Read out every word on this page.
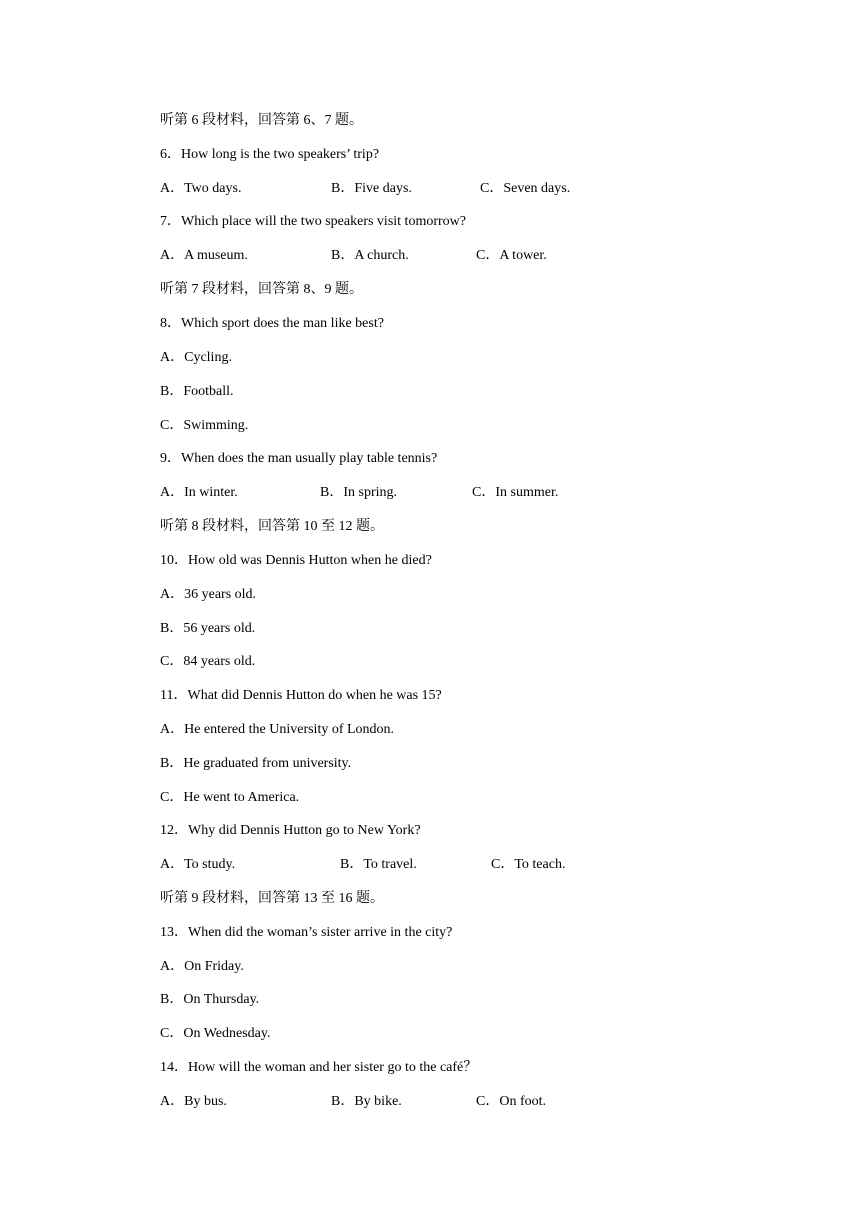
听第 6 段材料，回答第 6、7 题。
6．How long is the two speakers’ trip?
A．Two days.	B．Five days.	C．Seven days.
7．Which place will the two speakers visit tomorrow?
A．A museum.	B．A church.	C．A tower.
听第 7 段材料，回答第 8、9 题。
8．Which sport does the man like best?
A．Cycling.
B．Football.
C．Swimming.
9．When does the man usually play table tennis?
A．In winter.	B．In spring.	C．In summer.
听第 8 段材料，回答第 10 至 12 题。
10．How old was Dennis Hutton when he died?
A．36 years old.
B．56 years old.
C．84 years old.
11．What did Dennis Hutton do when he was 15?
A．He entered the University of London.
B．He graduated from university.
C．He went to America.
12．Why did Dennis Hutton go to New York?
A．To study.	B．To travel.	C．To teach.
听第 9 段材料，回答第 13 至 16 题。
13．When did the woman’s sister arrive in the city?
A．On Friday.
B．On Thursday.
C．On Wednesday.
14．How will the woman and her sister go to the café？
A．By bus.	B．By bike.	C．On foot.
